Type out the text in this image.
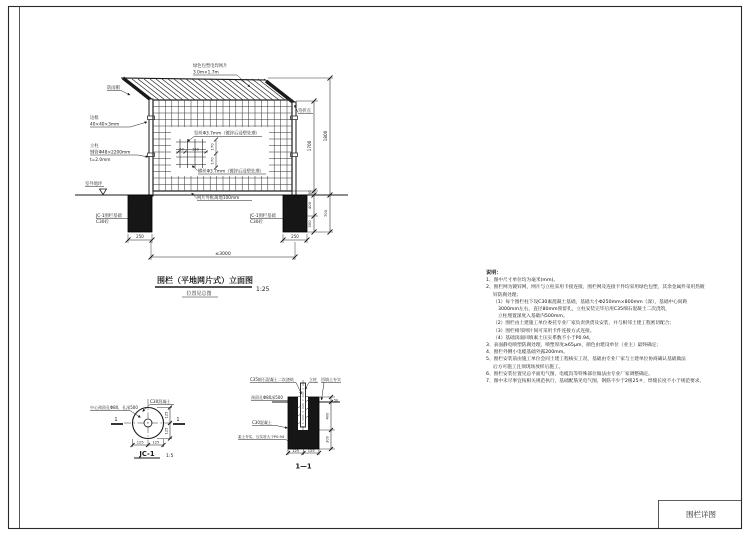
170
170
50 150
竖丝Φ3.7mm（镀锌后浸塑处理）
横丝Φ3.7mm（镀锌后浸塑处理）
1700
1800
50
400
300
700
250	250
≤3000
防雨帽
绿色包塑电焊网片
3.0m×1.7m
弯折点
边框
40×40×3mm
立柱
钢管Φ48×2200mm
t=2.0mm
室外地坪
JC-1围栏基础
C30砼
JC-1围栏基础
C30砼
网片外框离地100mm
围栏（平地网片式）立面图
位置见总图
1:25
1	1
中心预留孔Φ80，孔深500
C30混凝土
125
125
125 125
JC-1 1:5
C35细石混凝土二次浇筑
预留孔Φ80深500
立柱 回填土夯实
C30混凝土
素土夯实，压实度大于P0.94
50
400
300
125 125
1—1
围栏详图
说明：
1、图中尺寸单位均为毫米(mm)。
2、围栏网为镀锌网，网片与立柱采用卡接连接，围栏网及连接卡件均采用绿色包塑，其余金属件采用热镀
锌防腐处理；
（1）每个围栏柱下设C30素混凝土基础，基础大小Φ250mm×800mm（深），基础中心间距
3000mm左右，直径80mm预留孔，立柱安装完毕后用C35细石混凝土二次浇筑，
立柱埋置深度入基础内500mm。
（2）围栏由土建施工单位委托专业厂家负责供货及安装，并与相邻土建工程密切配合；
（3）围栏相邻网片间可采用卡件连接方式连接。
（4）基础顶面回填素土压实系数不小于P0.94。
3、表面静电喷塑防腐处理，喷塑厚度≥65μm，颜色由建设单位（业主）最终确定；
4、围栏外侧小电缆基础外露200mm。
5、围栏安装前由施工单位会同土建工程核实工况，基础由专业厂家与土建单位协商确认基础做法
后方可施工且须现场放样后施工。
6、围栏安装位置见总平面电气图，电缆沟等特殊部位做法由专业厂家调整确定。
7、图中未尽事宜按相关规范执行，基础配筋见电气图，钢筋不少于2根25＃，焊缝长度不小于规范要求。
